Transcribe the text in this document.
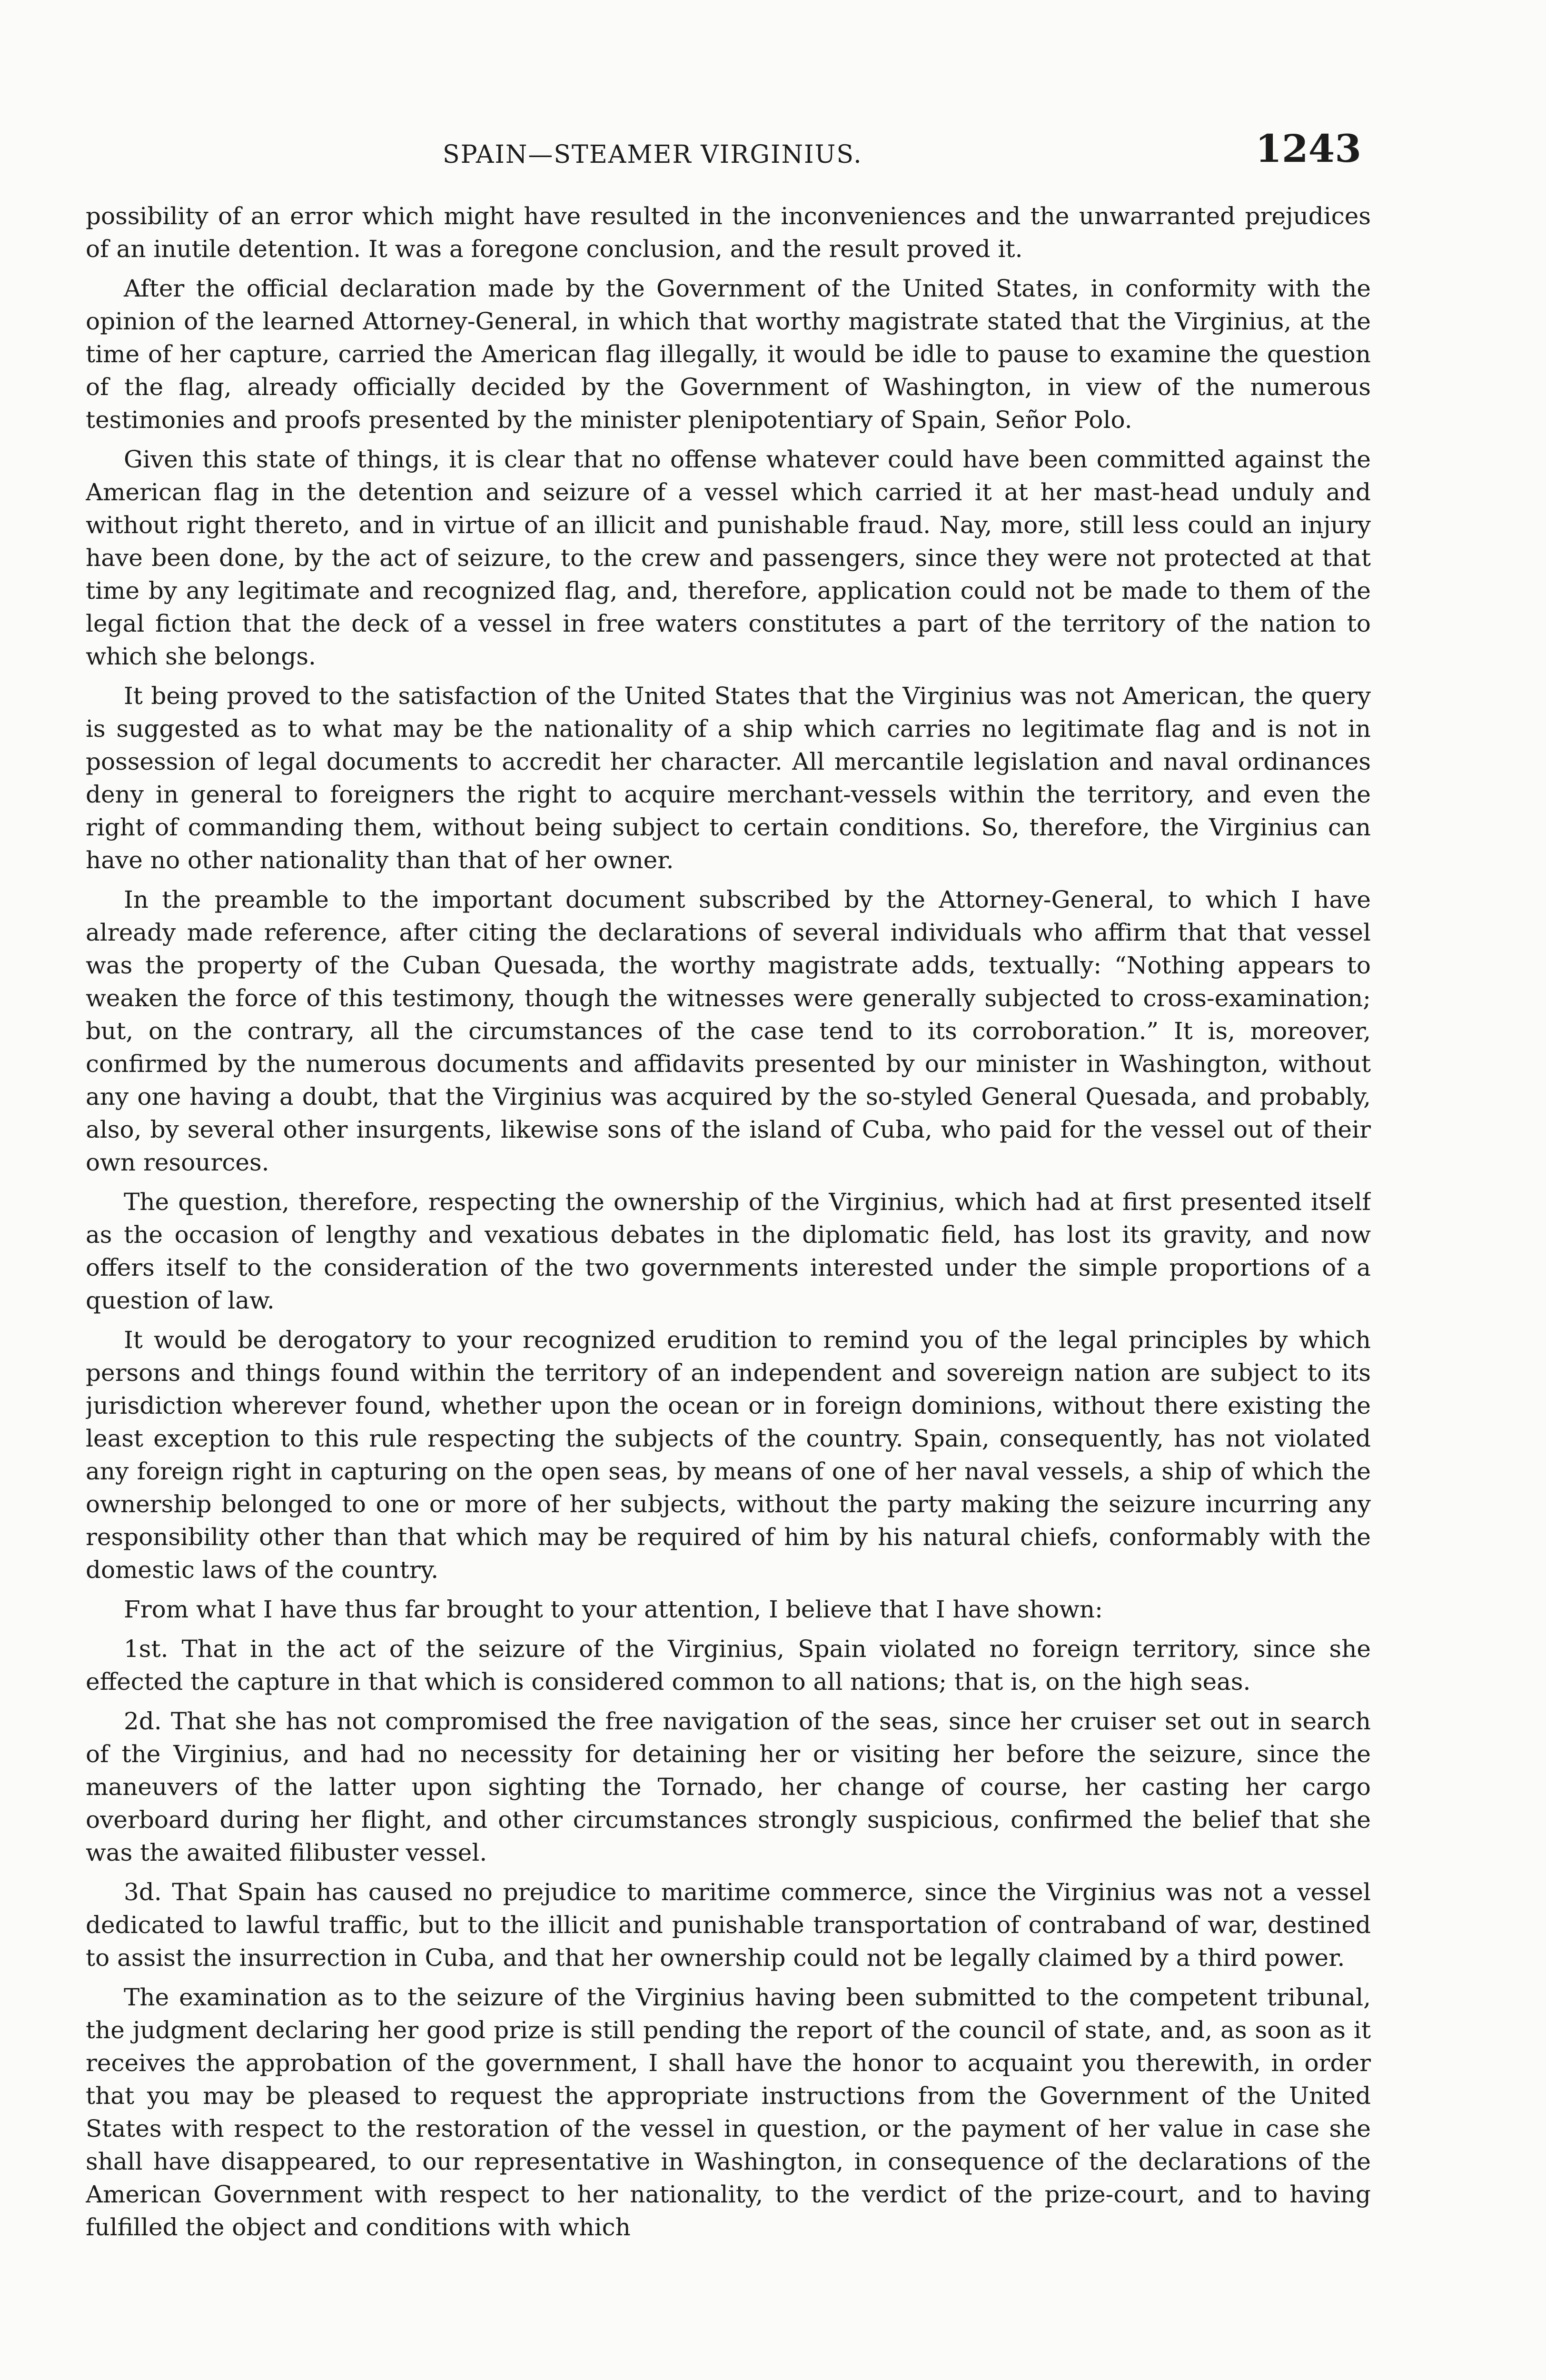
SPAIN—STEAMER VIRGINIUS.	1243

possibility of an error which might have resulted in the inconveniences and the unwarranted prejudices of an inutile detention. It was a foregone conclusion, and the result proved it.

After the official declaration made by the Government of the United States, in conformity with the opinion of the learned Attorney-General, in which that worthy magistrate stated that the Virginius, at the time of her capture, carried the American flag illegally, it would be idle to pause to examine the question of the flag, already officially decided by the Government of Washington, in view of the numerous testimonies and proofs presented by the minister plenipotentiary of Spain, Señor Polo.

Given this state of things, it is clear that no offense whatever could have been committed against the American flag in the detention and seizure of a vessel which carried it at her mast-head unduly and without right thereto, and in virtue of an illicit and punishable fraud. Nay, more, still less could an injury have been done, by the act of seizure, to the crew and passengers, since they were not protected at that time by any legitimate and recognized flag, and, therefore, application could not be made to them of the legal fiction that the deck of a vessel in free waters constitutes a part of the territory of the nation to which she belongs.

It being proved to the satisfaction of the United States that the Virginius was not American, the query is suggested as to what may be the nationality of a ship which carries no legitimate flag and is not in possession of legal documents to accredit her character. All mercantile legislation and naval ordinances deny in general to foreigners the right to acquire merchant-vessels within the territory, and even the right of commanding them, without being subject to certain conditions. So, therefore, the Virginius can have no other nationality than that of her owner.

In the preamble to the important document subscribed by the Attorney-General, to which I have already made reference, after citing the declarations of several individuals who affirm that that vessel was the property of the Cuban Quesada, the worthy magistrate adds, textually: “Nothing appears to weaken the force of this testimony, though the witnesses were generally subjected to cross-examination; but, on the contrary, all the circumstances of the case tend to its corroboration.” It is, moreover, confirmed by the numerous documents and affidavits presented by our minister in Washington, without any one having a doubt, that the Virginius was acquired by the so-styled General Quesada, and probably, also, by several other insurgents, likewise sons of the island of Cuba, who paid for the vessel out of their own resources.

The question, therefore, respecting the ownership of the Virginius, which had at first presented itself as the occasion of lengthy and vexatious debates in the diplomatic field, has lost its gravity, and now offers itself to the consideration of the two governments interested under the simple proportions of a question of law.

It would be derogatory to your recognized erudition to remind you of the legal principles by which persons and things found within the territory of an independent and sovereign nation are subject to its jurisdiction wherever found, whether upon the ocean or in foreign dominions, without there existing the least exception to this rule respecting the subjects of the country. Spain, consequently, has not violated any foreign right in capturing on the open seas, by means of one of her naval vessels, a ship of which the ownership belonged to one or more of her subjects, without the party making the seizure incurring any responsibility other than that which may be required of him by his natural chiefs, conformably with the domestic laws of the country.

From what I have thus far brought to your attention, I believe that I have shown:

1st. That in the act of the seizure of the Virginius, Spain violated no foreign territory, since she effected the capture in that which is considered common to all nations; that is, on the high seas.

2d. That she has not compromised the free navigation of the seas, since her cruiser set out in search of the Virginius, and had no necessity for detaining her or visiting her before the seizure, since the maneuvers of the latter upon sighting the Tornado, her change of course, her casting her cargo overboard during her flight, and other circumstances strongly suspicious, confirmed the belief that she was the awaited filibuster vessel.

3d. That Spain has caused no prejudice to maritime commerce, since the Virginius was not a vessel dedicated to lawful traffic, but to the illicit and punishable transportation of contraband of war, destined to assist the insurrection in Cuba, and that her ownership could not be legally claimed by a third power.

The examination as to the seizure of the Virginius having been submitted to the competent tribunal, the judgment declaring her good prize is still pending the report of the council of state, and, as soon as it receives the approbation of the government, I shall have the honor to acquaint you therewith, in order that you may be pleased to request the appropriate instructions from the Government of the United States with respect to the restoration of the vessel in question, or the payment of her value in case she shall have disappeared, to our representative in Washington, in consequence of the declarations of the American Government with respect to her nationality, to the verdict of the prize-court, and to having fulfilled the object and conditions with which
